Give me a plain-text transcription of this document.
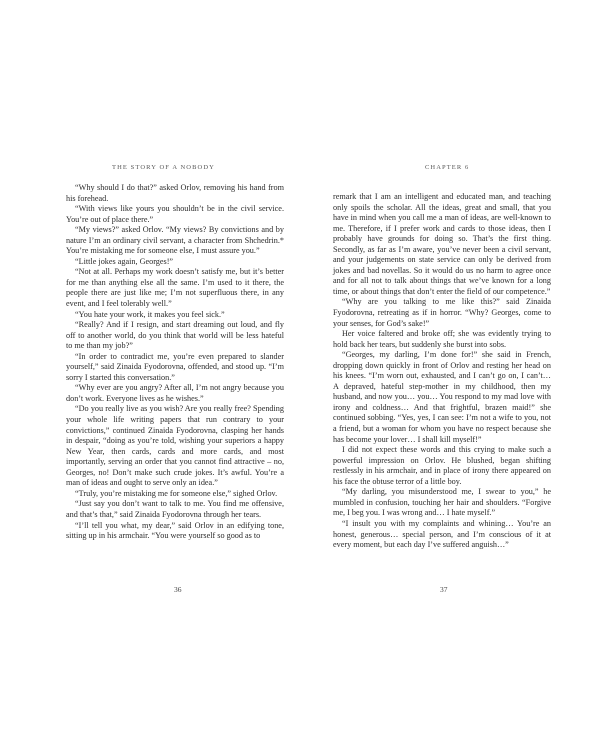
THE STORY OF A NOBODY

“Why should I do that?” asked Orlov, removing his hand from his forehead.

“With views like yours you shouldn’t be in the civil service. You’re out of place there.”

“My views?” asked Orlov. “My views? By convictions and by nature I’m an ordinary civil servant, a character from Shchedrin.* You’re mistaking me for someone else, I must assure you.”

“Little jokes again, Georges!”

“Not at all. Perhaps my work doesn’t satisfy me, but it’s better for me than anything else all the same. I’m used to it there, the people there are just like me; I’m not superfluous there, in any event, and I feel tolerably well.”

“You hate your work, it makes you feel sick.”

“Really? And if I resign, and start dreaming out loud, and fly off to another world, do you think that world will be less hateful to me than my job?”

“In order to contradict me, you’re even prepared to slander yourself,” said Zinaida Fyodorovna, offended, and stood up. “I’m sorry I started this conversation.”

“Why ever are you angry? After all, I’m not angry because you don’t work. Everyone lives as he wishes.”

“Do you really live as you wish? Are you really free? Spending your whole life writing papers that run contrary to your convictions,” continued Zinaida Fyodorovna, clasping her hands in despair, “doing as you’re told, wishing your superiors a happy New Year, then cards, cards and more cards, and most importantly, serving an order that you cannot find attractive – no, Georges, no! Don’t make such crude jokes. It’s awful. You’re a man of ideas and ought to serve only an idea.”

“Truly, you’re mistaking me for someone else,” sighed Orlov.

“Just say you don’t want to talk to me. You find me offensive, and that’s that,” said Zinaida Fyodorovna through her tears.

“I’ll tell you what, my dear,” said Orlov in an edifying tone, sitting up in his armchair. “You were yourself so good as to

36
CHAPTER 6

remark that I am an intelligent and educated man, and teaching only spoils the scholar. All the ideas, great and small, that you have in mind when you call me a man of ideas, are well-known to me. Therefore, if I prefer work and cards to those ideas, then I probably have grounds for doing so. That’s the first thing. Secondly, as far as I’m aware, you’ve never been a civil servant, and your judgements on state service can only be derived from jokes and bad novellas. So it would do us no harm to agree once and for all not to talk about things that we’ve known for a long time, or about things that don’t enter the field of our competence.”

“Why are you talking to me like this?” said Zinaida Fyodorovna, retreating as if in horror. “Why? Georges, come to your senses, for God’s sake!”

Her voice faltered and broke off; she was evidently trying to hold back her tears, but suddenly she burst into sobs.

“Georges, my darling, I’m done for!” she said in French, dropping down quickly in front of Orlov and resting her head on his knees. “I’m worn out, exhausted, and I can’t go on, I can’t… A depraved, hateful step-mother in my childhood, then my husband, and now you… you… You respond to my mad love with irony and coldness… And that frightful, brazen maid!” she continued sobbing. “Yes, yes, I can see: I’m not a wife to you, not a friend, but a woman for whom you have no respect because she has become your lover… I shall kill myself!”

I did not expect these words and this crying to make such a powerful impression on Orlov. He blushed, began shifting restlessly in his armchair, and in place of irony there appeared on his face the obtuse terror of a little boy.

“My darling, you misunderstood me, I swear to you,” he mumbled in confusion, touching her hair and shoulders. “Forgive me, I beg you. I was wrong and… I hate myself.”

“I insult you with my complaints and whining… You’re an honest, generous… special person, and I’m conscious of it at every moment, but each day I’ve suffered anguish…”

37
